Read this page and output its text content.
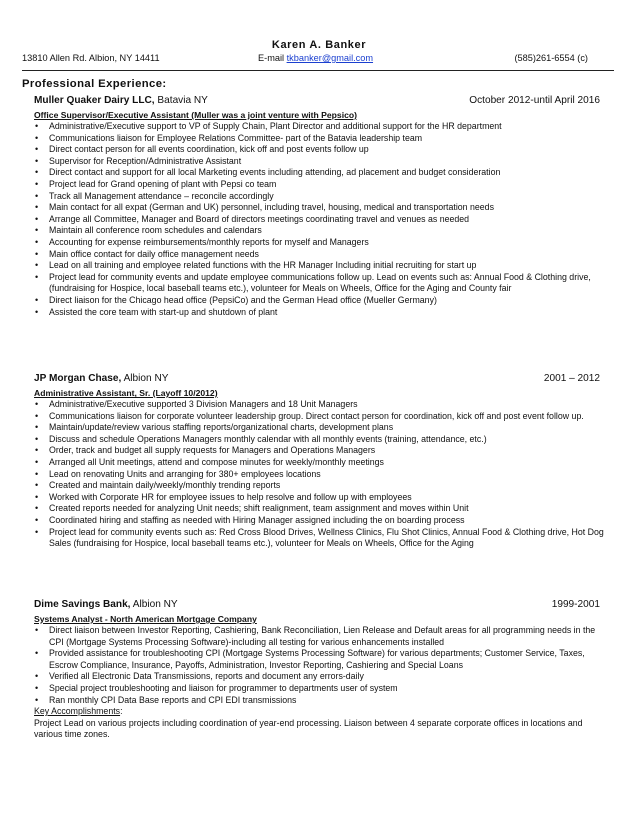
Karen A. Banker
13810 Allen Rd. Albion, NY 14411	E-mail tkbanker@gmail.com	(585)261-6554 (c)
Professional Experience:
Muller Quaker Dairy LLC, Batavia NY	October 2012-until April 2016
Office Supervisor/Executive Assistant (Muller was a joint venture with Pepsico)
• Administrative/Executive support to VP of Supply Chain, Plant Director and additional support for the HR department
• Communications liaison for Employee Relations Committee- part of the Batavia leadership team
• Direct contact person for all events coordination, kick off and post events follow up
• Supervisor for Reception/Administrative Assistant
• Direct contact and support for all local Marketing events including attending, ad placement and budget consideration
• Project lead for Grand opening of plant with Pepsi co team
• Track all Management attendance – reconcile accordingly
• Main contact for all expat (German and UK) personnel, including travel, housing, medical and transportation needs
• Arrange all Committee, Manager and Board of directors meetings coordinating travel and venues as needed
• Maintain all conference room schedules and calendars
• Accounting for expense reimbursements/monthly reports for myself and Managers
• Main office contact for daily office management needs
• Lead on all training and employee related functions with the HR Manager Including initial recruiting for start up
• Project lead for community events and update employee communications follow up. Lead on events such as: Annual Food & Clothing drive, (fundraising for Hospice, local baseball teams etc.), volunteer for Meals on Wheels, Office for the Aging and County fair
• Direct liaison for the Chicago head office (PepsiCo) and the German Head office (Mueller Germany)
• Assisted the core team with start-up and shutdown of plant
JP Morgan Chase, Albion NY	2001 – 2012
Administrative Assistant, Sr. (Layoff 10/2012)
• Administrative/Executive supported 3 Division Managers and 18 Unit Managers
• Communications liaison for corporate volunteer leadership group. Direct contact person for coordination, kick off and post event follow up.
• Maintain/update/review various staffing reports/organizational charts, development plans
• Discuss and schedule Operations Managers monthly calendar with all monthly events (training, attendance, etc.)
• Order, track and budget all supply requests for Managers and Operations Managers
• Arranged all Unit meetings, attend and compose minutes for weekly/monthly meetings
• Lead on renovating Units and arranging for 380+ employees locations
• Created and maintain daily/weekly/monthly trending reports
• Worked with Corporate HR for employee issues to help resolve and follow up with employees
• Created reports needed for analyzing Unit needs; shift realignment, team assignment and moves within Unit
• Coordinated hiring and staffing as needed with Hiring Manager assigned including the on boarding process
• Project lead for community events such as: Red Cross Blood Drives, Wellness Clinics, Flu Shot Clinics, Annual Food & Clothing drive, Hot Dog Sales (fundraising for Hospice, local baseball teams etc.), volunteer for Meals on Wheels, Office for the Aging
Dime Savings Bank, Albion NY	1999-2001
Systems Analyst - North American Mortgage Company
• Direct liaison between Investor Reporting, Cashiering, Bank Reconciliation, Lien Release and Default areas for all programming needs in the CPI (Mortgage Systems Processing Software)-including all testing for various enhancements installed
• Provided assistance for troubleshooting CPI (Mortgage Systems Processing Software) for various departments; Customer Service, Taxes, Escrow Compliance, Insurance, Payoffs, Administration, Investor Reporting, Cashiering and Special Loans
• Verified all Electronic Data Transmissions, reports and document any errors-daily
• Special project troubleshooting and liaison for programmer to departments user of system
• Ran monthly CPI Data Base reports and CPI EDI transmissions
Key Accomplishments:
Project Lead on various projects including coordination of year-end processing. Liaison between 4 separate corporate offices in locations and various time zones.
